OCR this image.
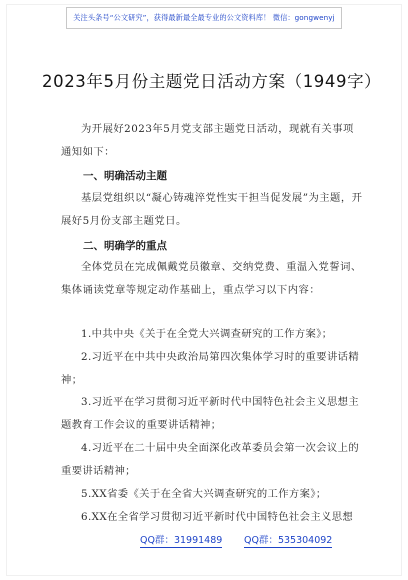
关注头条号“公文研究”，获得最新最全最专业的公文资料库！ 微信：gongwenyj
2023年5月份主题党日活动方案（1949字）

为开展好2023年5月党支部主题党日活动，现就有关事项通知如下：

一、明确活动主题

基层党组织以“凝心铸魂淬党性实干担当促发展”为主题，开展好5月份支部主题党日。

二、明确学的重点

全体党员在完成佩戴党员徽章、交纳党费、重温入党誓词、集体诵读党章等规定动作基础上，重点学习以下内容：

1.中共中央《关于在全党大兴调查研究的工作方案》；

2.习近平在中共中央政治局第四次集体学习时的重要讲话精神；

3.习近平在学习贯彻习近平新时代中国特色社会主义思想主题教育工作会议的重要讲话精神；

4.习近平在二十届中央全面深化改革委员会第一次会议上的重要讲话精神；

5.XX省委《关于在全省大兴调查研究的工作方案》；

6.XX在全省学习贯彻习近平新时代中国特色社会主义思想

QQ群：31991489 QQ群：535304092
